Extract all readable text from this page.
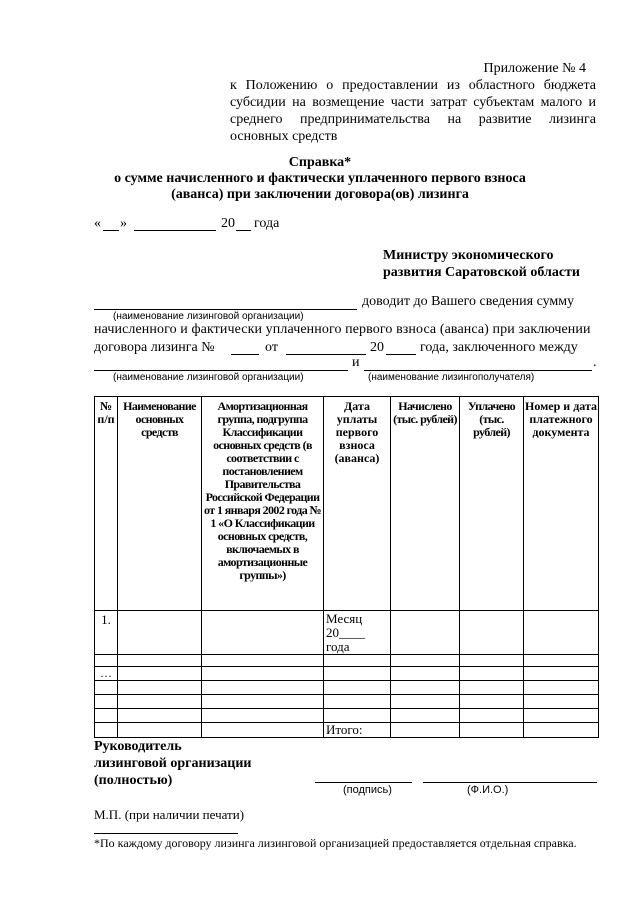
Приложение № 4
к Положению о предоставлении из областного бюджета субсидии на возмещение части затрат субъектам малого и среднего предпринимательства на развитие лизинга основных средств
Справка*
о сумме начисленного и фактически уплаченного первого взноса
(аванса) при заключении договора(ов) лизинга
« »	20 года
Министру экономического
развития Саратовской области
доводит до Вашего сведения сумму
(наименование лизинговой организации)
начисленного и фактически уплаченного первого взноса (аванса) при заключении
договора лизинга №	от	20	года, заключенного между
и	.
(наименование лизинговой организации)	(наименование лизингополучателя)
№ п/п	Наименование основных средств	Амортизационная группа, подгруппа Классификации основных средств (в соответствии с постановлением Правительства Российской Федерации от 1 января 2002 года № 1 «О Классификации основных средств, включаемых в амортизационные группы»)	Дата уплаты первого взноса (аванса)	Начислено (тыс. рублей)	Уплачено (тыс. рублей)	Номер и дата платежного документа
1.			Месяц
20____
года			

…						

			Итого:			
Руководитель
лизинговой организации
(полностью)
(подпись)	(Ф.И.О.)
М.П. (при наличии печати)
*По каждому договору лизинга лизинговой организацией предоставляется отдельная справка.
